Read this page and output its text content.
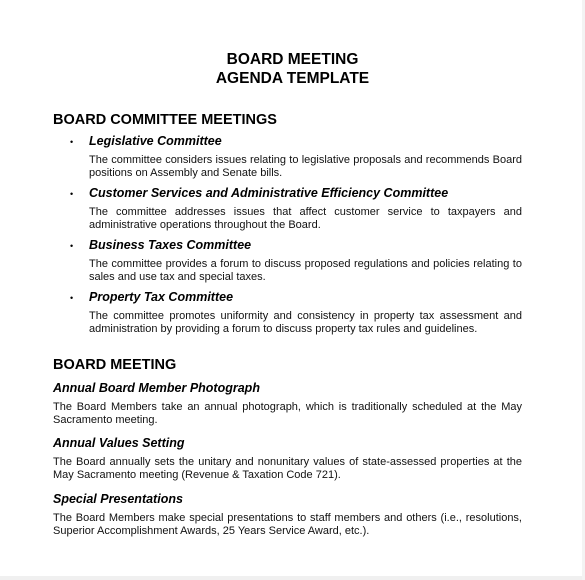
BOARD MEETING
AGENDA TEMPLATE
BOARD COMMITTEE MEETINGS
• Legislative Committee
The committee considers issues relating to legislative proposals and recommends Board
positions on Assembly and Senate bills.
• Customer Services and Administrative Efficiency Committee
The committee addresses issues that affect customer service to taxpayers and
administrative operations throughout the Board.
• Business Taxes Committee
The committee provides a forum to discuss proposed regulations and policies relating to
sales and use tax and special taxes.
• Property Tax Committee
The committee promotes uniformity and consistency in property tax assessment and
administration by providing a forum to discuss property tax rules and guidelines.
BOARD MEETING
Annual Board Member Photograph
The Board Members take an annual photograph, which is traditionally scheduled at the May
Sacramento meeting.
Annual Values Setting
The Board annually sets the unitary and nonunitary values of state-assessed properties at the
May Sacramento meeting (Revenue & Taxation Code 721).
Special Presentations
The Board Members make special presentations to staff members and others (i.e., resolutions,
Superior Accomplishment Awards, 25 Years Service Award, etc.).
